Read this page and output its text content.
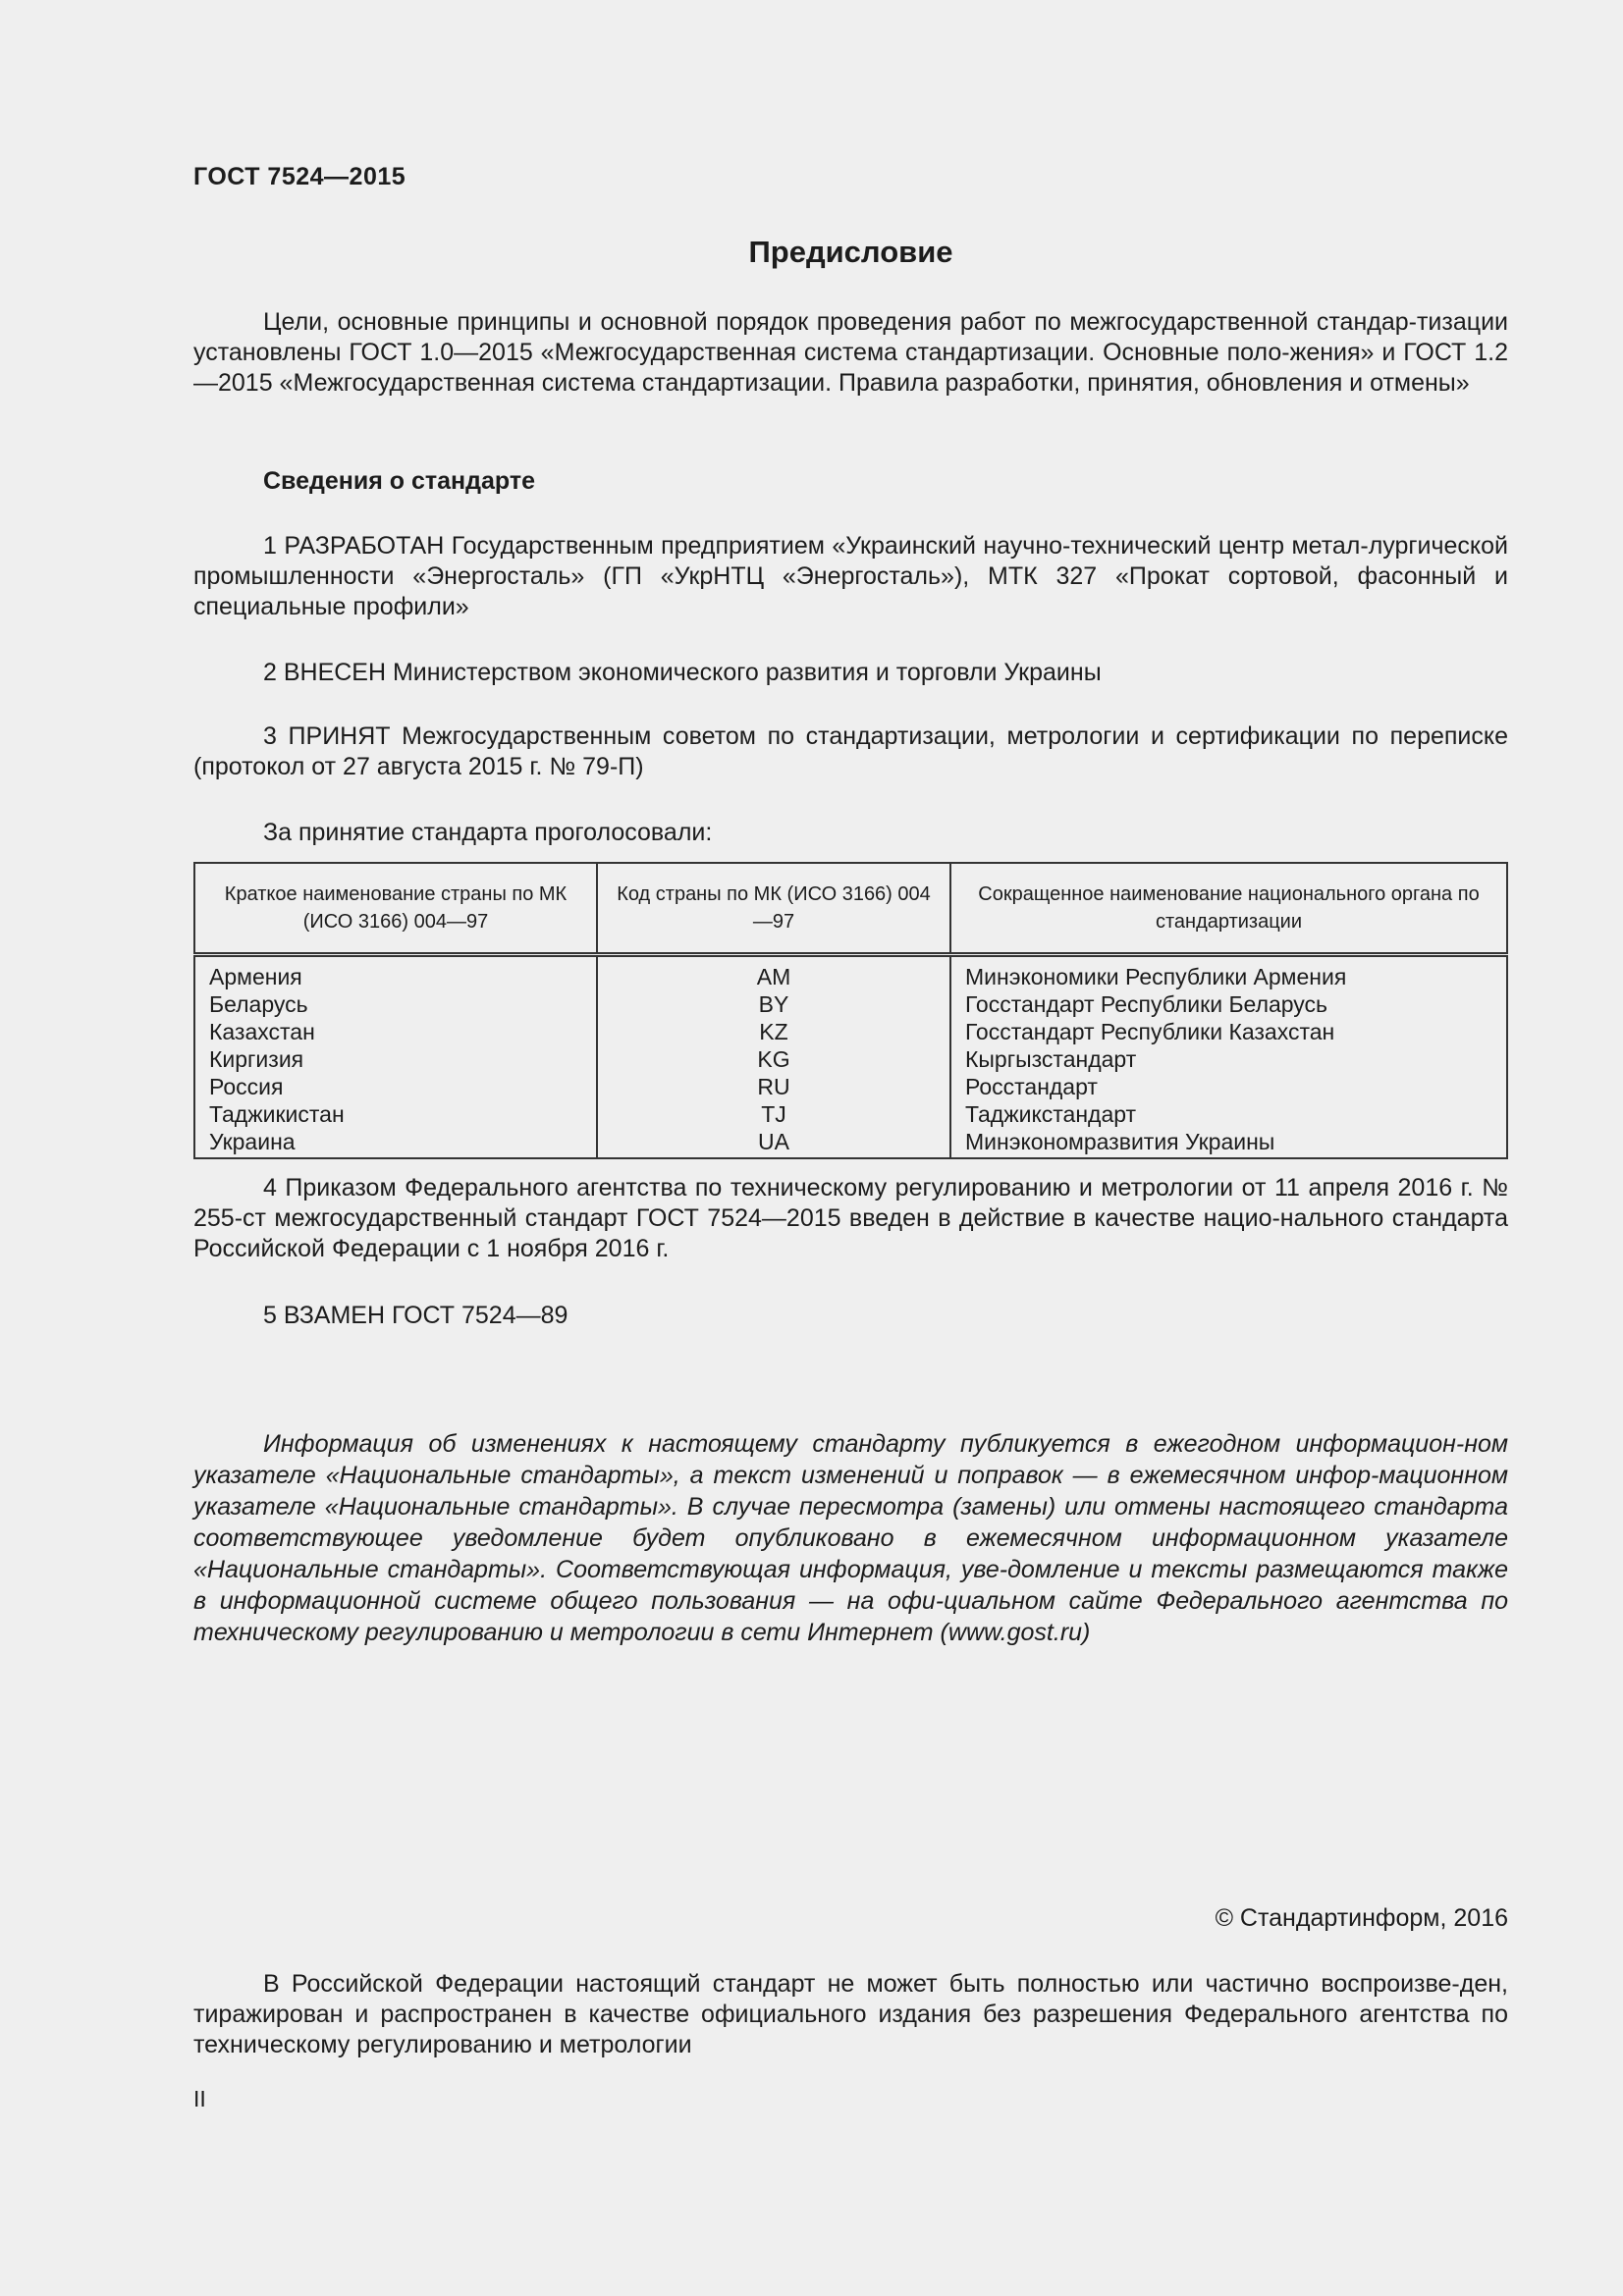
ГОСТ 7524—2015
Предисловие
Цели, основные принципы и основной порядок проведения работ по межгосударственной стандар-тизации установлены ГОСТ 1.0—2015 «Межгосударственная система стандартизации. Основные поло-жения» и ГОСТ 1.2—2015 «Межгосударственная система стандартизации. Правила разработки, принятия, обновления и отмены»
Сведения о стандарте
1 РАЗРАБОТАН Государственным предприятием «Украинский научно-технический центр метал-лургической промышленности «Энергосталь» (ГП «УкрНТЦ «Энергосталь»), МТК 327 «Прокат сортовой, фасонный и специальные профили»
2 ВНЕСЕН Министерством экономического развития и торговли Украины
3 ПРИНЯТ Межгосударственным советом по стандартизации, метрологии и сертификации по переписке (протокол от 27 августа 2015 г. № 79-П)
За принятие стандарта проголосовали:
Краткое наименование страны по МК (ИСО 3166) 004—97	Код страны по МК (ИСО 3166) 004—97	Сокращенное наименование национального органа по стандартизации
Армения	AM	Минэкономики Республики Армения
Беларусь	BY	Госстандарт Республики Беларусь
Казахстан	KZ	Госстандарт Республики Казахстан
Киргизия	KG	Кыргызстандарт
Россия	RU	Росстандарт
Таджикистан	TJ	Таджикстандарт
Украина	UA	Минэкономразвития Украины
4 Приказом Федерального агентства по техническому регулированию и метрологии от 11 апреля 2016 г. № 255-ст межгосударственный стандарт ГОСТ 7524—2015 введен в действие в качестве нацио-нального стандарта Российской Федерации с 1 ноября 2016 г.
5 ВЗАМЕН ГОСТ 7524—89
Информация об изменениях к настоящему стандарту публикуется в ежегодном информацион-ном указателе «Национальные стандарты», а текст изменений и поправок — в ежемесячном инфор-мационном указателе «Национальные стандарты». В случае пересмотра (замены) или отмены настоящего стандарта соответствующее уведомление будет опубликовано в ежемесячном информационном указателе «Национальные стандарты». Соответствующая информация, уве-домление и тексты размещаются также в информационной системе общего пользования — на офи-циальном сайте Федерального агентства по техническому регулированию и метрологии в сети Интернет (www.gost.ru)
© Стандартинформ, 2016
В Российской Федерации настоящий стандарт не может быть полностью или частично воспроизве-ден, тиражирован и распространен в качестве официального издания без разрешения Федерального агентства по техническому регулированию и метрологии
II
